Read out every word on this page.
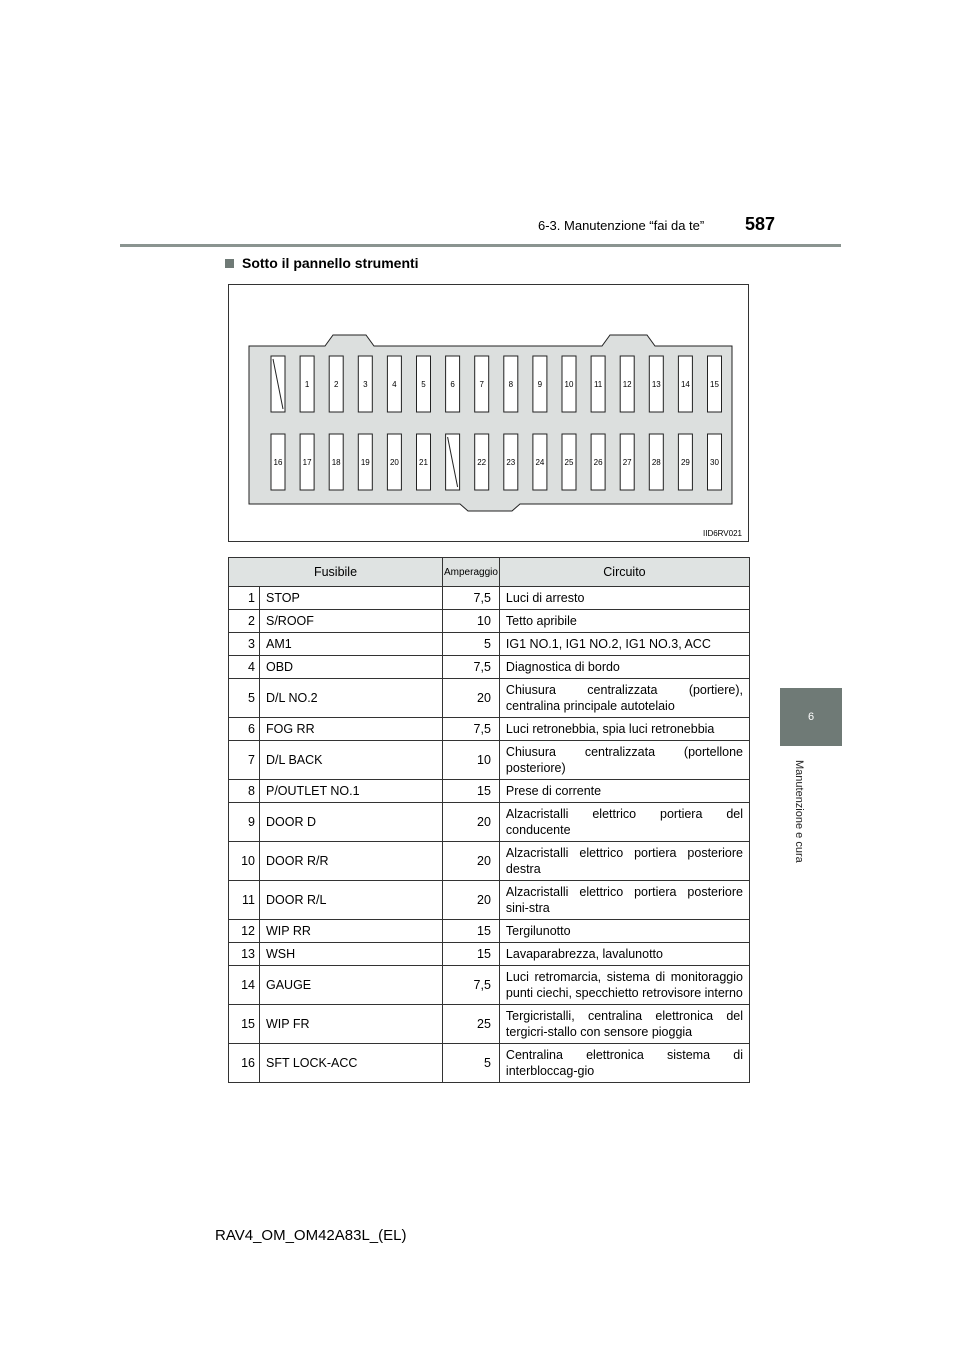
6-3. Manutenzione “fai da te” 587
6
Manutenzione e cura
Sotto il pannello strumenti
1	2	3	4	5	6	7	8	9	10	11	12	13	14	15
16	17	18	19	20	21	22	23	24	25	26	27	28	29	30
IID6RV021
Fusibile		Amperaggio	Circuito
1	STOP	7,5	Luci di arresto
2	S/ROOF	10	Tetto apribile
3	AM1	5	IG1 NO.1, IG1 NO.2, IG1 NO.3, ACC
4	OBD	7,5	Diagnostica di bordo
5	D/L NO.2	20	Chiusura centralizzata (portiere), centralina principale autotelaio
6	FOG RR	7,5	Luci retronebbia, spia luci retronebbia
7	D/L BACK	10	Chiusura centralizzata (portellone posteriore)
8	P/OUTLET NO.1	15	Prese di corrente
9	DOOR D	20	Alzacristalli elettrico portiera del conducente
10	DOOR R/R	20	Alzacristalli elettrico portiera posteriore destra
11	DOOR R/L	20	Alzacristalli elettrico portiera posteriore sini-stra
12	WIP RR	15	Tergilunotto
13	WSH	15	Lavaparabrezza, lavalunotto
14	GAUGE	7,5	Luci retromarcia, sistema di monitoraggio punti ciechi, specchietto retrovisore interno
15	WIP FR	25	Tergicristalli, centralina elettronica del tergicri-stallo con sensore pioggia
16	SFT LOCK-ACC	5	Centralina elettronica sistema di interbloccag-gio
RAV4_OM_OM42A83L_(EL)
